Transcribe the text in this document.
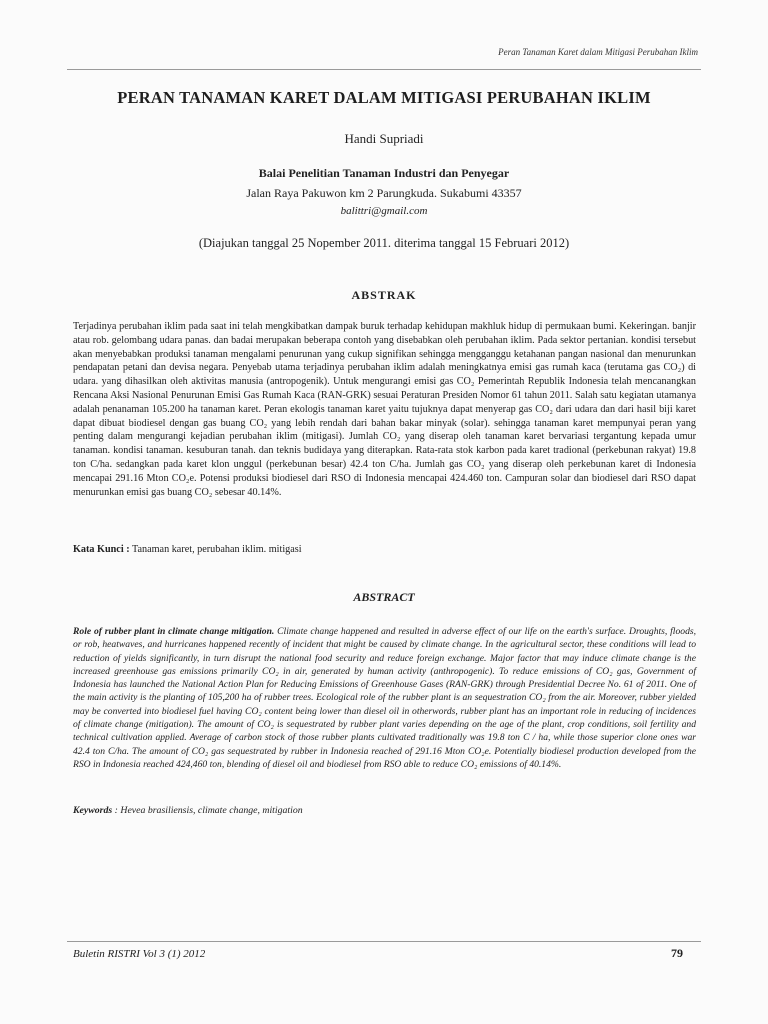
Peran Tanaman Karet dalam Mitigasi Perubahan Iklim
PERAN TANAMAN KARET DALAM MITIGASI PERUBAHAN IKLIM
Handi Supriadi
Balai Penelitian Tanaman Industri dan Penyegar
Jalan Raya Pakuwon km 2 Parungkuda. Sukabumi 43357
balittri@gmail.com
(Diajukan tanggal 25 Nopember 2011. diterima tanggal 15 Februari 2012)
ABSTRAK
Terjadinya perubahan iklim pada saat ini telah mengkibatkan dampak buruk terhadap kehidupan makhluk hidup di permukaan bumi. Kekeringan. banjir atau rob. gelombang udara panas. dan badai merupakan beberapa contoh yang disebabkan oleh perubahan iklim. Pada sektor pertanian. kondisi tersebut akan menyebabkan produksi tanaman mengalami penurunan yang cukup signifikan sehingga mengganggu ketahanan pangan nasional dan menurunkan pendapatan petani dan devisa negara. Penyebab utama terjadinya perubahan iklim adalah meningkatnya emisi gas rumah kaca (terutama gas CO₂) di udara. yang dihasilkan oleh aktivitas manusia (antropogenik). Untuk mengurangi emisi gas CO₂ Pemerintah Republik Indonesia telah mencanangkan Rencana Aksi Nasional Penurunan Emisi Gas Rumah Kaca (RAN-GRK) sesuai Peraturan Presiden Nomor 61 tahun 2011. Salah satu kegiatan utamanya adalah penanaman 105.200 ha tanaman karet. Peran ekologis tanaman karet yaitu tujuknya dapat menyerap gas CO₂ dari udara dan dari hasil biji karet dapat dibuat biodiesel dengan gas buang CO₂ yang lebih rendah dari bahan bakar minyak (solar). sehingga tanaman karet mempunyai peran yang penting dalam mengurangi kejadian perubahan iklim (mitigasi). Jumlah CO₂ yang diserap oleh tanaman karet bervariasi tergantung kepada umur tanaman. kondisi tanaman. kesuburan tanah. dan teknis budidaya yang diterapkan. Rata-rata stok karbon pada karet tradional (perkebunan rakyat) 19.8 ton C/ha. sedangkan pada karet klon unggul (perkebunan besar) 42.4 ton C/ha. Jumlah gas CO₂ yang diserap oleh perkebunan karet di Indonesia mencapai 291.16 Mton CO₂e. Potensi produksi biodiesel dari RSO di Indonesia mencapai 424.460 ton. Campuran solar dan biodiesel dari RSO dapat menurunkan emisi gas buang CO₂ sebesar 40.14%.
Kata Kunci : Tanaman karet, perubahan iklim. mitigasi
ABSTRACT
Role of rubber plant in climate change mitigation. Climate change happened and resulted in adverse effect of our life on the earth's surface. Droughts, floods, or rob, heatwaves, and hurricanes happened recently of incident that might be caused by climate change. In the agricultural sector, these conditions will lead to reduction of yields significantly, in turn disrupt the national food security and reduce foreign exchange. Major factor that may induce climate change is the increased greenhouse gas emissions primarily CO₂ in air, generated by human activity (anthropogenic). To reduce emissions of CO₂ gas, Government of Indonesia has launched the National Action Plan for Reducing Emissions of Greenhouse Gases (RAN-GRK) through Presidential Decree No. 61 of 2011. One of the main activity is the planting of 105,200 ha of rubber trees. Ecological role of the rubber plant is an sequestration CO₂ from the air. Moreover, rubber yielded may be converted into biodiesel fuel having CO₂ content being lower than diesel oil in otherwords, rubber plant has an important role in reducing of incidences of climate change (mitigation). The amount of CO₂ is sequestrated by rubber plant varies depending on the age of the plant, crop conditions, soil fertility and technical cultivation applied. Average of carbon stock of those rubber plants cultivated traditionally was 19.8 ton C / ha, while those superior clone ones war 42.4 ton C/ha. The amount of CO₂ gas sequestrated by rubber in Indonesia reached of 291.16 Mton CO₂e. Potentially biodiesel production developed from the RSO in Indonesia reached 424,460 ton, blending of diesel oil and biodiesel from RSO able to reduce CO₂ emissions of 40.14%.
Keywords : Hevea brasiliensis, climate change, mitigation
Buletin RISTRI Vol 3 (1) 2012	79
